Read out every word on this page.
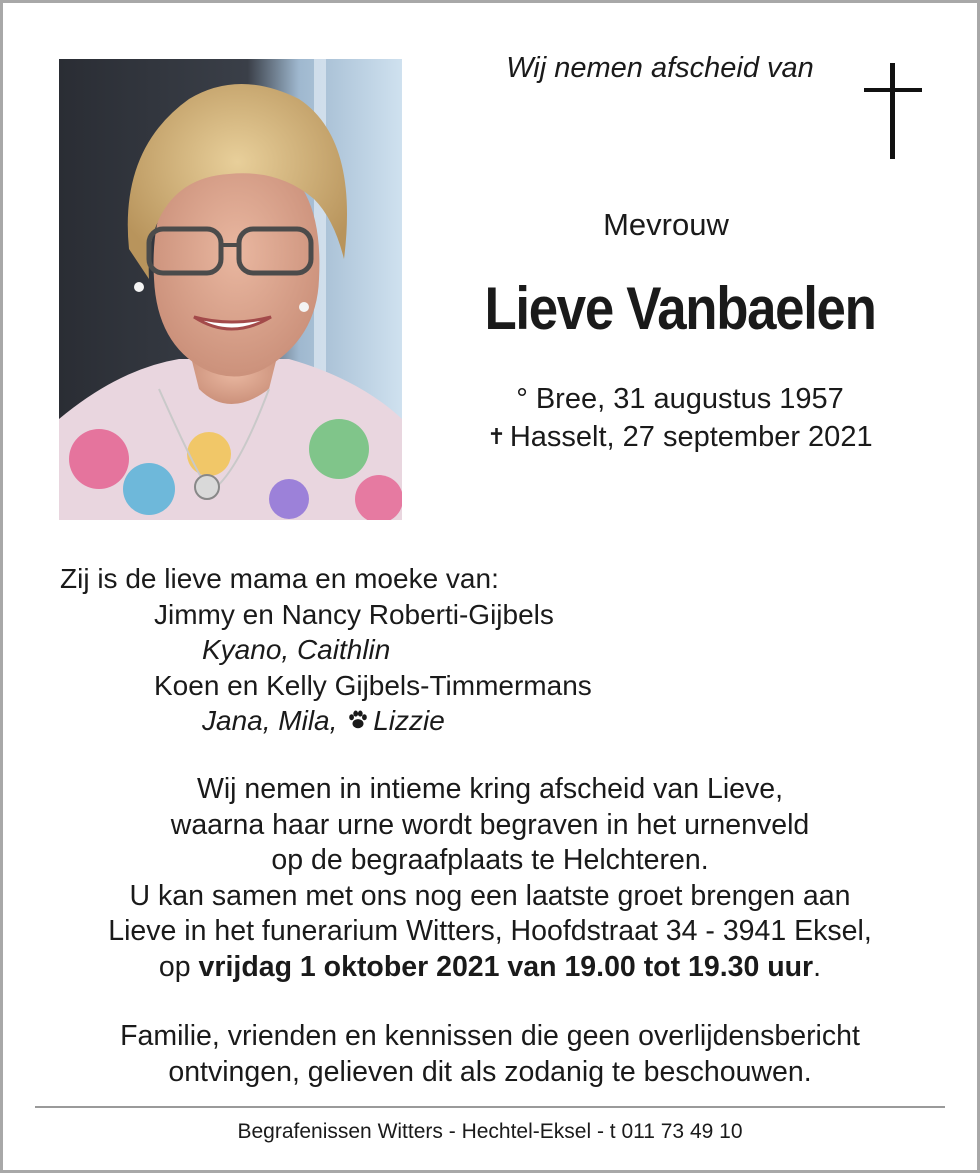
Wij nemen afscheid van
Mevrouw
Lieve Vanbaelen
° Bree, 31 augustus 1957
✝ Hasselt, 27 september 2021
Zij is de lieve mama en moeke van:
Jimmy en Nancy Roberti-Gijbels
Kyano, Caithlin
Koen en Kelly Gijbels-Timmermans
Jana, Mila, Lizzie
Wij nemen in intieme kring afscheid van Lieve,
waarna haar urne wordt begraven in het urnenveld
op de begraafplaats te Helchteren.
U kan samen met ons nog een laatste groet brengen aan
Lieve in het funerarium Witters, Hoofdstraat 34 - 3941 Eksel,
op vrijdag 1 oktober 2021 van 19.00 tot 19.30 uur.
Familie, vrienden en kennissen die geen overlijdensbericht
ontvingen, gelieven dit als zodanig te beschouwen.
Begrafenissen Witters - Hechtel-Eksel - t 011 73 49 10
